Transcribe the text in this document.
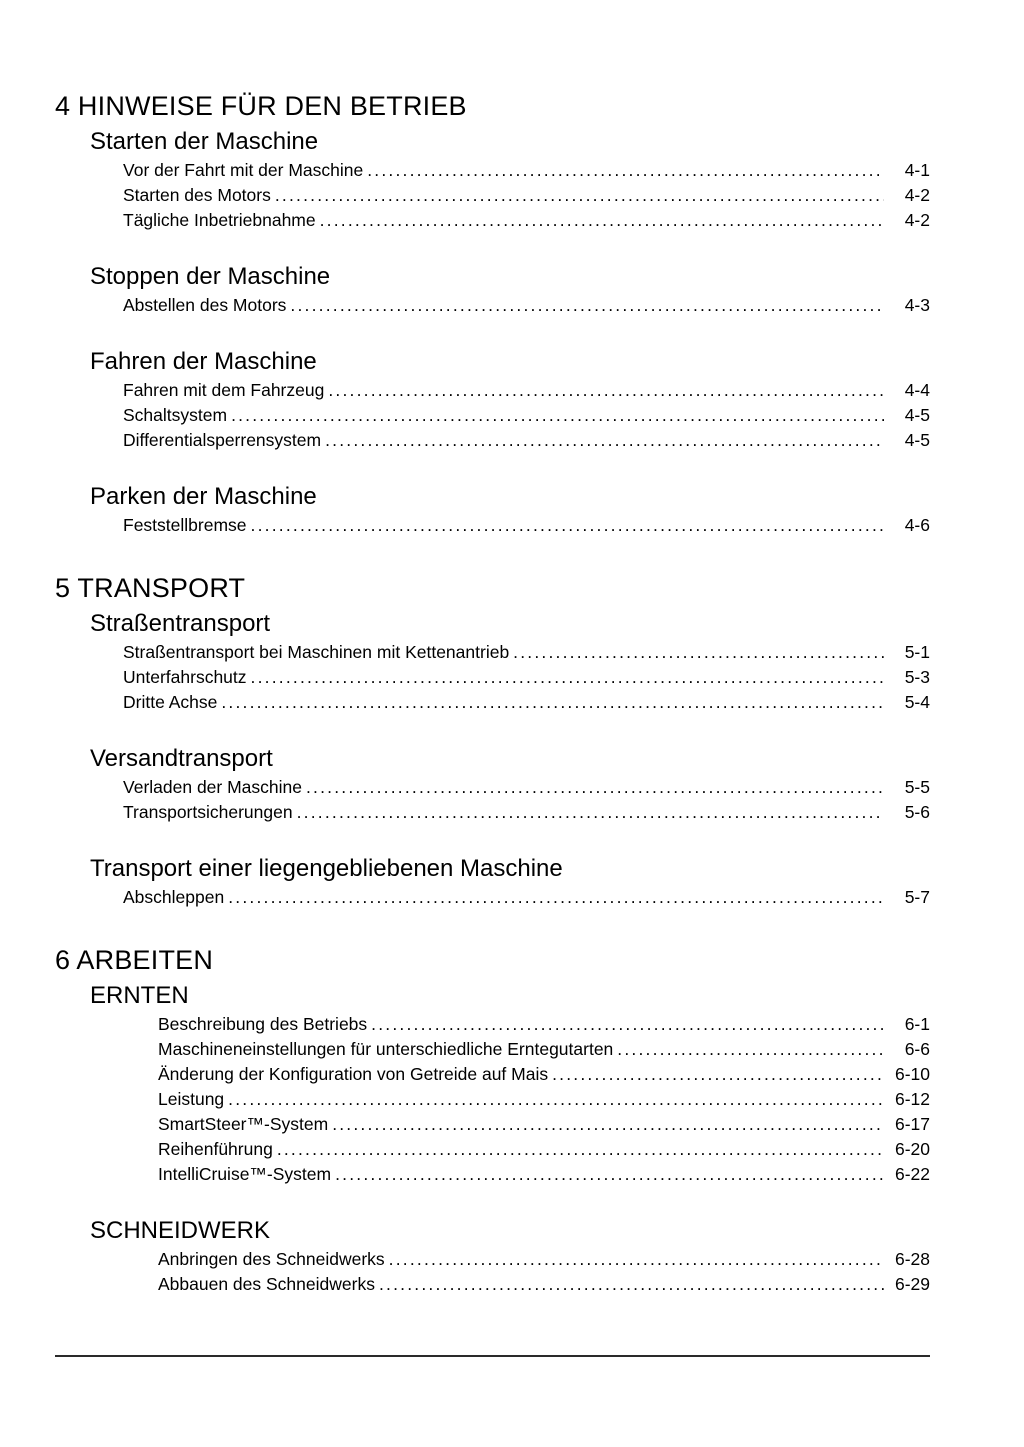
4 HINWEISE FÜR DEN BETRIEB
Starten der Maschine
Vor der Fahrt mit der Maschine .....	4-1
Starten des Motors .....	4-2
Tägliche Inbetriebnahme .....	4-2
Stoppen der Maschine
Abstellen des Motors .....	4-3
Fahren der Maschine
Fahren mit dem Fahrzeug .....	4-4
Schaltsystem .....	4-5
Differentialsperrensystem .....	4-5
Parken der Maschine
Feststellbremse .....	4-6
5 TRANSPORT
Straßentransport
Straßentransport bei Maschinen mit Kettenantrieb .....	5-1
Unterfahrschutz .....	5-3
Dritte Achse .....	5-4
Versandtransport
Verladen der Maschine .....	5-5
Transportsicherungen .....	5-6
Transport einer liegengebliebenen Maschine
Abschleppen .....	5-7
6 ARBEITEN
ERNTEN
Beschreibung des Betriebs .....	6-1
Maschineneinstellungen für unterschiedliche Erntegutarten .....	6-6
Änderung der Konfiguration von Getreide auf Mais .....	6-10
Leistung .....	6-12
SmartSteer™-System .....	6-17
Reihenführung .....	6-20
IntelliCruise™-System .....	6-22
SCHNEIDWERK
Anbringen des Schneidwerks .....	6-28
Abbauen des Schneidwerks .....	6-29
